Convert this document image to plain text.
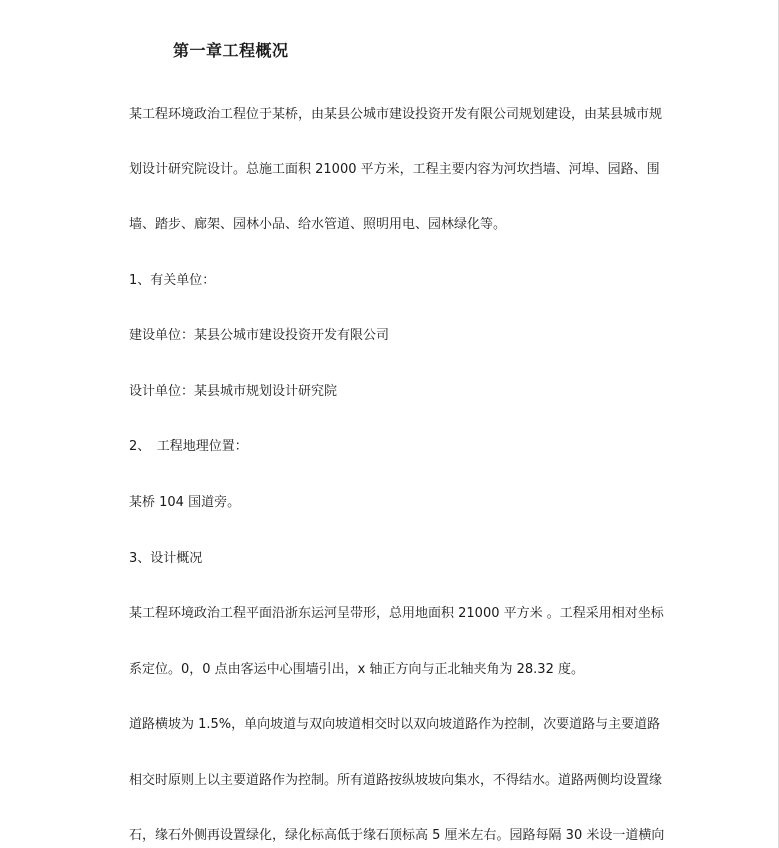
第一章工程概况

某工程环境政治工程位于某桥，由某县公城市建设投资开发有限公司规划建设，由某县城市规

划设计研究院设计。总施工面积 21000 平方米，工程主要内容为河坎挡墙、河埠、园路、围

墙、踏步、廊架、园林小品、给水管道、照明用电、园林绿化等。

1、有关单位：

建设单位：某县公城市建设投资开发有限公司

设计单位：某县城市规划设计研究院

2、　工程地理位置：

某桥 104 国道旁。

3、设计概况

某工程环境政治工程平面沿浙东运河呈带形，总用地面积 21000 平方米 。工程采用相对坐标

系定位。0，0 点由客运中心围墙引出，x 轴正方向与正北轴夹角为 28.32 度。

道路横坡为 1.5%，单向坡道与双向坡道相交时以双向坡道路作为控制，次要道路与主要道路

相交时原则上以主要道路作为控制。所有道路按纵坡坡向集水，不得结水。道路两侧均设置缘

石，缘石外侧再设置绿化，绿化标高低于缘石顶标高 5 厘米左右。园路每隔 30 米设一道横向
